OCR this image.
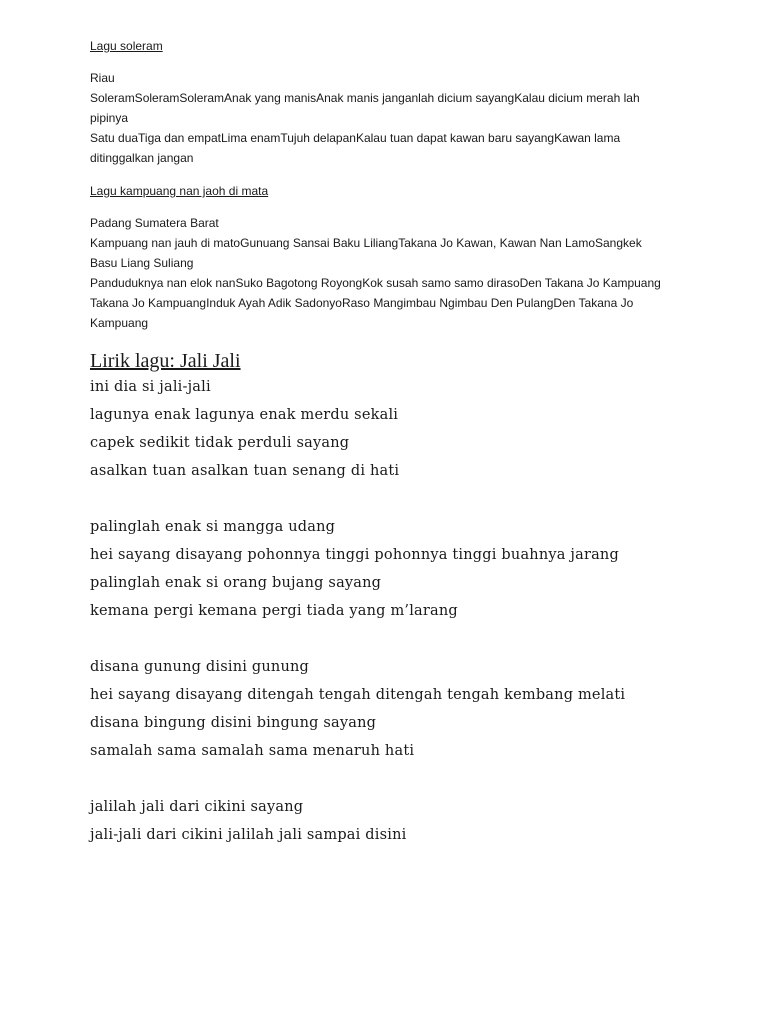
Lagu soleram

Riau

SoleramSoleramSoleramAnak yang manisAnak manis janganlah dicium sayangKalau dicium merah lah

pipinya

Satu duaTiga dan empatLima enamTujuh delapanKalau tuan dapat kawan baru sayangKawan lama

ditinggalkan jangan

Lagu kampuang nan jaoh di mata

Padang Sumatera Barat

Kampuang nan jauh di matoGunuang Sansai Baku LiliangTakana Jo Kawan, Kawan Nan LamoSangkek

Basu Liang Suliang

Panduduknya nan elok nanSuko Bagotong RoyongKok susah samo samo dirasoDen Takana Jo Kampuang

Takana Jo KampuangInduk Ayah Adik SadonyoRaso Mangimbau Ngimbau Den PulangDen Takana Jo

Kampuang

Lirik lagu: Jali Jali
ini dia si jali-jali
lagunya enak lagunya enak merdu sekali
capek sedikit tidak perduli sayang
asalkan tuan asalkan tuan senang di hati
palinglah enak si mangga udang
hei sayang disayang pohonnya tinggi pohonnya tinggi buahnya jarang
palinglah enak si orang bujang sayang
kemana pergi kemana pergi tiada yang m’larang
disana gunung disini gunung
hei sayang disayang ditengah tengah ditengah tengah kembang melati
disana bingung disini bingung sayang
samalah sama samalah sama menaruh hati
jalilah jali dari cikini sayang
jali-jali dari cikini jalilah jali sampai disini
